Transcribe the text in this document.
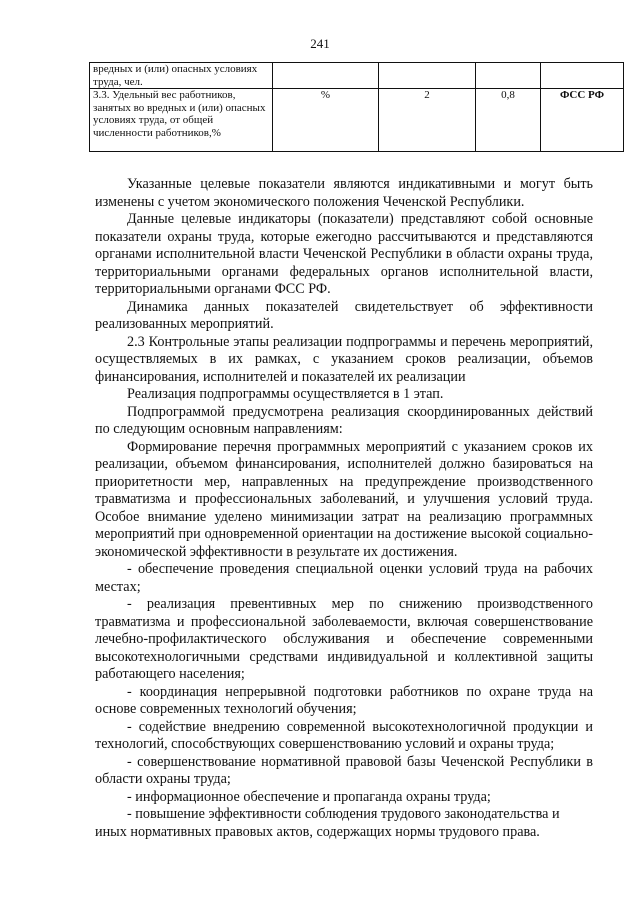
241
вредных и (или) опасных условиях труда, чел.				
3.3. Удельный вес работников, занятых во вредных и (или) опасных условиях труда, от общей численности работников,%	%	2	0,8	ФСС РФ

Указанные целевые показатели являются индикативными и могут быть изменены с учетом экономического положения Чеченской Республики.

Данные целевые индикаторы (показатели) представляют собой основные показатели охраны труда, которые ежегодно рассчитываются и представляются органами исполнительной власти Чеченской Республики в области охраны труда, территориальными органами федеральных органов исполнительной власти, территориальными органами ФСС РФ.

Динамика данных показателей свидетельствует об эффективности реализованных мероприятий.

2.3 Контрольные этапы реализации подпрограммы и перечень мероприятий, осуществляемых в их рамках, с указанием сроков реализации, объемов финансирования, исполнителей и показателей их реализации

Реализация подпрограммы осуществляется в 1 этап.

Подпрограммой предусмотрена реализация скоординированных действий по следующим основным направлениям:

Формирование перечня программных мероприятий с указанием сроков их реализации, объемом финансирования, исполнителей должно базироваться на приоритетности мер, направленных на предупреждение производственного травматизма и профессиональных заболеваний, и улучшения условий труда. Особое внимание уделено минимизации затрат на реализацию программных мероприятий при одновременной ориентации на достижение высокой социально-экономической эффективности в результате их достижения.

- обеспечение проведения специальной оценки условий труда на рабочих местах;

- реализация превентивных мер по снижению производственного травматизма и профессиональной заболеваемости, включая совершенствование лечебно-профилактического обслуживания и обеспечение современными высокотехнологичными средствами индивидуальной и коллективной защиты работающего населения;

- координация непрерывной подготовки работников по охране труда на основе современных технологий обучения;

- содействие внедрению современной высокотехнологичной продукции и технологий, способствующих совершенствованию условий и охраны труда;

- совершенствование нормативной правовой базы Чеченской Республики в области охраны труда;

- информационное обеспечение и пропаганда охраны труда;

- повышение эффективности соблюдения трудового законодательства и иных нормативных правовых актов, содержащих нормы трудового права.
